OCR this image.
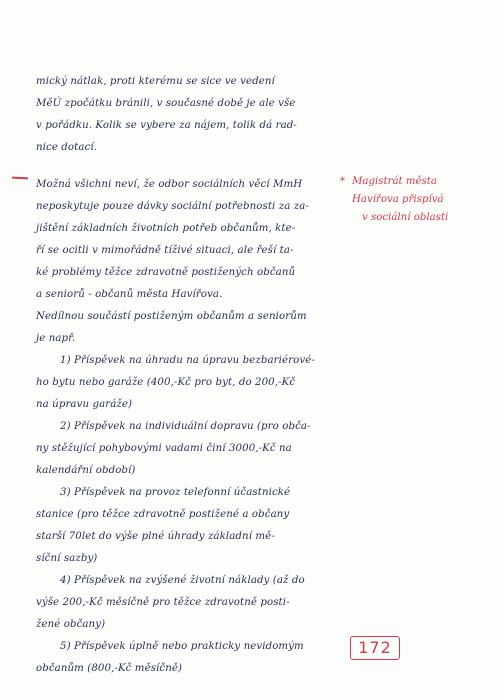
mický nátlak, proti kterému se sice ve vedení
MěÚ zpočátku bránili, v současné době je ale vše
v pořádku. Kolik se vybere za nájem, tolik dá rad-
nice dotací.
Možná všichni neví, že odbor sociálních věcí MmH
neposkytuje pouze dávky sociální potřebnosti za za-
jištění základních životních potřeb občanům, kte-
ří se ocitli v mimořádně tíživé situaci, ale řeší ta-
ké problémy těžce zdravotně postižených občanů
a seniorů - občanů města Havířova.
Nedílnou součástí postiženým občanům a seniorům
je např.
1) Příspěvek na úhradu na úpravu bezbariérové-
ho bytu nebo garáže (400,-Kč pro byt, do 200,-Kč
na úpravu garáže)
2) Příspěvek na individuální dopravu (pro obča-
ny stěžující pohybovými vadami činí 3000,-Kč na
kalendářní období)
3) Příspěvek na provoz telefonní účastnické
stanice (pro těžce zdravotně postižené a občany
starší 70let do výše plné úhrady základní mě-
síční sazby)
4) Příspěvek na zvýšené životní náklady (až do
výše 200,-Kč měsíčně pro těžce zdravotně posti-
žené občany)
5) Příspěvek úplně nebo prakticky nevidomým
občanům (800,-Kč měsíčně)
* Magistrát města
Havířova přispívá
v sociální oblasti
172
